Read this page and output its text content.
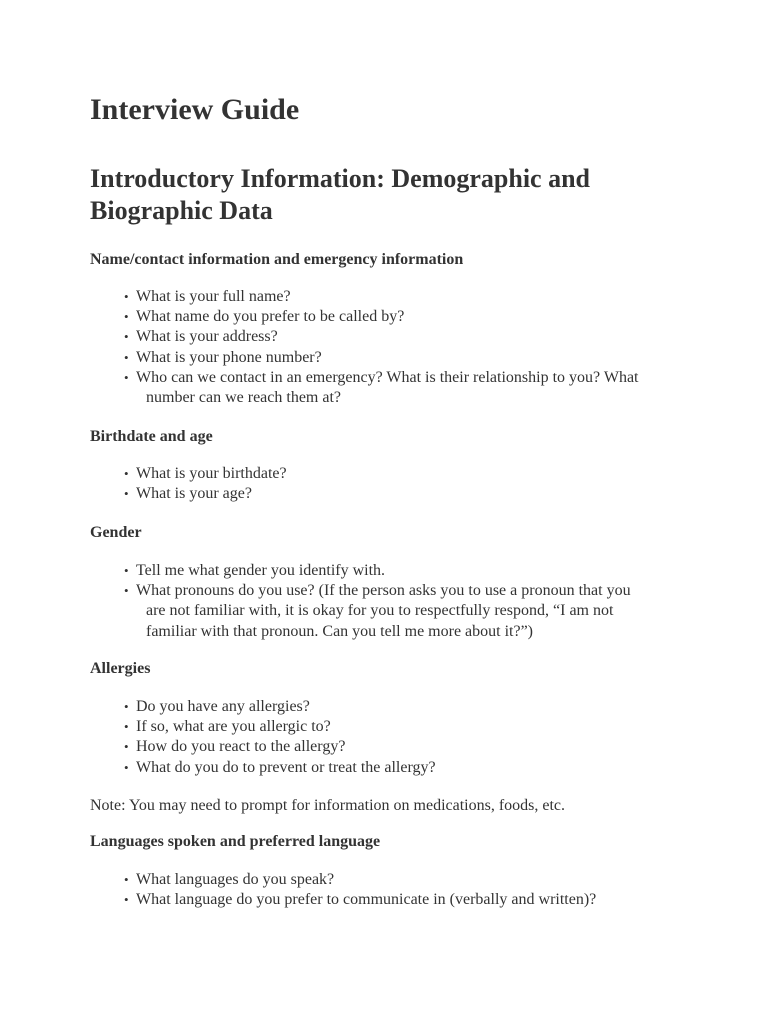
Interview Guide
Introductory Information: Demographic and Biographic Data

Name/contact information and emergency information

• What is your full name?
• What name do you prefer to be called by?
• What is your address?
• What is your phone number?
• Who can we contact in an emergency? What is their relationship to you? What
number can we reach them at?

Birthdate and age

• What is your birthdate?
• What is your age?

Gender

• Tell me what gender you identify with.
• What pronouns do you use? (If the person asks you to use a pronoun that you
are not familiar with, it is okay for you to respectfully respond, “I am not
familiar with that pronoun. Can you tell me more about it?”)

Allergies

• Do you have any allergies?
• If so, what are you allergic to?
• How do you react to the allergy?
• What do you do to prevent or treat the allergy?

Note: You may need to prompt for information on medications, foods, etc.

Languages spoken and preferred language

• What languages do you speak?
• What language do you prefer to communicate in (verbally and written)?
